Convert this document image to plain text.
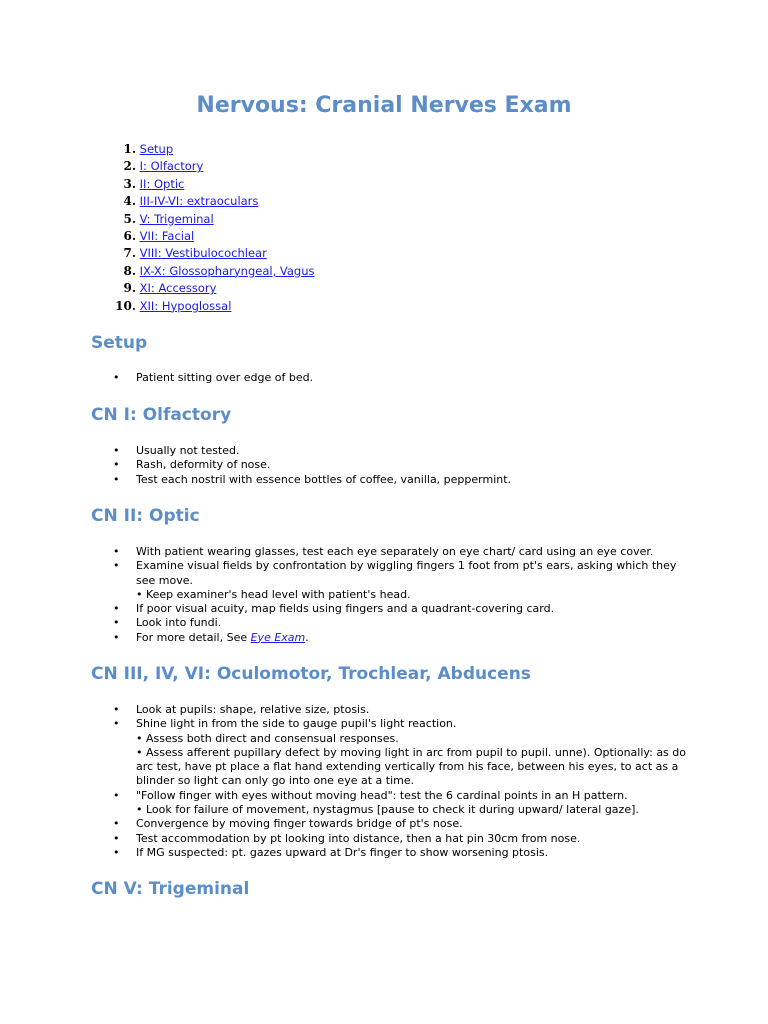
Nervous: Cranial Nerves Exam
1. Setup
2. I: Olfactory
3. II: Optic
4. III-IV-VI: extraoculars
5. V: Trigeminal
6. VII: Facial
7. VIII: Vestibulocochlear
8. IX-X: Glossopharyngeal, Vagus
9. XI: Accessory
10. XII: Hypoglossal
Setup
• Patient sitting over edge of bed.
CN I: Olfactory
• Usually not tested.
• Rash, deformity of nose.
• Test each nostril with essence bottles of coffee, vanilla, peppermint.
CN II: Optic
• With patient wearing glasses, test each eye separately on eye chart/ card using an eye cover.
• Examine visual fields by confrontation by wiggling fingers 1 foot from pt's ears, asking which they see move.
• Keep examiner's head level with patient's head.
• If poor visual acuity, map fields using fingers and a quadrant-covering card.
• Look into fundi.
• For more detail, See Eye Exam.
CN III, IV, VI: Oculomotor, Trochlear, Abducens
• Look at pupils: shape, relative size, ptosis.
• Shine light in from the side to gauge pupil's light reaction.
• Assess both direct and consensual responses.
• Assess afferent pupillary defect by moving light in arc from pupil to pupil. unne). Optionally: as do arc test, have pt place a flat hand extending vertically from his face, between his eyes, to act as a blinder so light can only go into one eye at a time.
• "Follow finger with eyes without moving head": test the 6 cardinal points in an H pattern.
• Look for failure of movement, nystagmus [pause to check it during upward/ lateral gaze].
• Convergence by moving finger towards bridge of pt's nose.
• Test accommodation by pt looking into distance, then a hat pin 30cm from nose.
• If MG suspected: pt. gazes upward at Dr's finger to show worsening ptosis.
CN V: Trigeminal
